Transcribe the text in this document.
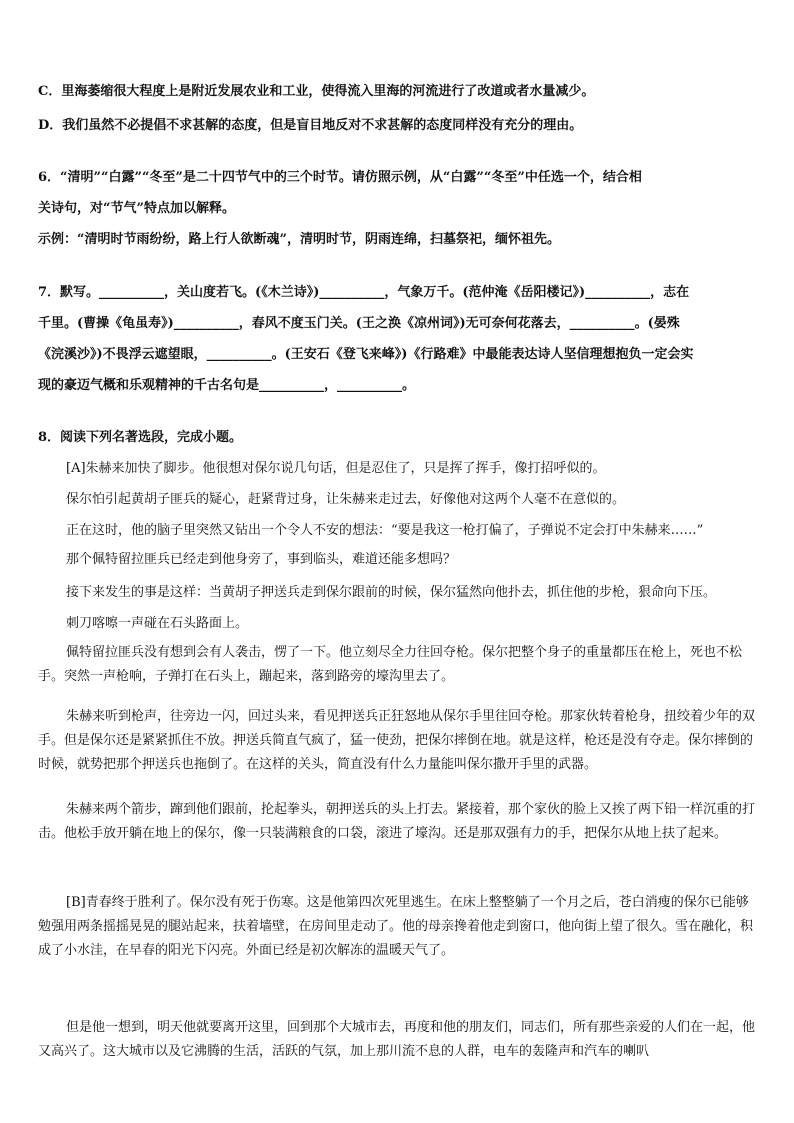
C．里海萎缩很大程度上是附近发展农业和工业，使得流入里海的河流进行了改道或者水量减少。
D．我们虽然不必提倡不求甚解的态度，但是盲目地反对不求甚解的态度同样没有充分的理由。
6．“清明”“白露”“冬至”是二十四节气中的三个时节。请仿照示例，从“白露”“冬至”中任选一个，结合相
关诗句，对“节气”特点加以解释。
示例：“清明时节雨纷纷，路上行人欲断魂”，清明时节，阴雨连绵，扫墓祭祀，缅怀祖先。
7．默写。__________，关山度若飞。(《木兰诗》)__________，气象万千。(范仲淹《岳阳楼记》)__________，志在
千里。(曹操《龟虽寿》)__________，春风不度玉门关。(王之涣《凉州词》)无可奈何花落去，__________。(晏殊
《浣溪沙》)不畏浮云遮望眼，__________。(王安石《登飞来峰》)《行路难》中最能表达诗人坚信理想抱负一定会实
现的豪迈气概和乐观精神的千古名句是__________，__________。
8．阅读下列名著选段，完成小题。
[A]朱赫来加快了脚步。他很想对保尔说几句话，但是忍住了，只是挥了挥手，像打招呼似的。
保尔怕引起黄胡子匪兵的疑心，赶紧背过身，让朱赫来走过去，好像他对这两个人毫不在意似的。
正在这时，他的脑子里突然又钻出一个令人不安的想法：“要是我这一枪打偏了，子弹说不定会打中朱赫来……”
那个佩特留拉匪兵已经走到他身旁了，事到临头，难道还能多想吗？
接下来发生的事是这样：当黄胡子押送兵走到保尔跟前的时候，保尔猛然向他扑去，抓住他的步枪，狠命向下压。
刺刀喀嚓一声碰在石头路面上。
佩特留拉匪兵没有想到会有人袭击，愣了一下。他立刻尽全力往回夺枪。保尔把整个身子的重量都压在枪上，死也不松手。突然一声枪响，子弹打在石头上，蹦起来，落到路旁的壕沟里去了。
朱赫来听到枪声，往旁边一闪，回过头来，看见押送兵正狂怒地从保尔手里往回夺枪。那家伙转着枪身，扭绞着少年的双手。但是保尔还是紧紧抓住不放。押送兵简直气疯了，猛一使劲，把保尔摔倒在地。就是这样，枪还是没有夺走。保尔摔倒的时候，就势把那个押送兵也拖倒了。在这样的关头，简直没有什么力量能叫保尔撒开手里的武器。
朱赫来两个箭步，蹿到他们跟前，抡起拳头，朝押送兵的头上打去。紧接着，那个家伙的脸上又挨了两下铅一样沉重的打击。他松手放开躺在地上的保尔，像一只装满粮食的口袋，滚进了壕沟。还是那双强有力的手，把保尔从地上扶了起来。
[B]青春终于胜利了。保尔没有死于伤寒。这是他第四次死里逃生。在床上整整躺了一个月之后，苍白消瘦的保尔已能够勉强用两条摇摇晃晃的腿站起来，扶着墙壁，在房间里走动了。他的母亲搀着他走到窗口，他向街上望了很久。雪在融化，积成了小水洼，在早春的阳光下闪亮。外面已经是初次解冻的温暖天气了。
但是他一想到，明天他就要离开这里，回到那个大城市去，再度和他的朋友们，同志们，所有那些亲爱的人们在一起，他又高兴了。这大城市以及它沸腾的生活，活跃的气氛，加上那川流不息的人群，电车的轰隆声和汽车的喇叭
